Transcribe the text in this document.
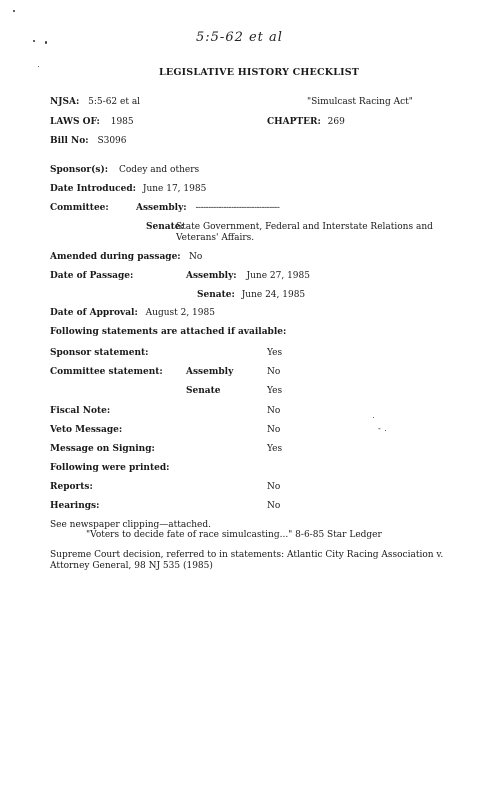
-
5:5-62 et al
LEGISLATIVE HISTORY CHECKLIST
NJSA: 5:5-62 et al	"Simulcast Racing Act"
LAWS OF: 1985	CHAPTER: 269
Bill No: S3096
Sponsor(s): Codey and others
Date Introduced: June 17, 1985
Committee:	Assembly: ---------------------------------
Senate:
State Government, Federal and Interstate Relations and
Veterans' Affairs.
Amended during passage: No
Date of Passage:	Assembly: June 27, 1985
Senate: June 24, 1985
Date of Approval: August 2, 1985
Following statements are attached if available:
Sponsor statement:	Yes
Committee statement:	Assembly	No
Senate	Yes
Fiscal Note:	No
Veto Message:	No
Message on Signing:	Yes
Following were printed:
Reports:	No
Hearings:	No
See newspaper clipping—attached.
"Voters to decide fate of race simulcasting..." 8-6-85 Star Ledger
Supreme Court decision, referred to in statements: Atlantic City Racing Association v.
Attorney General, 98 NJ 535 (1985)
